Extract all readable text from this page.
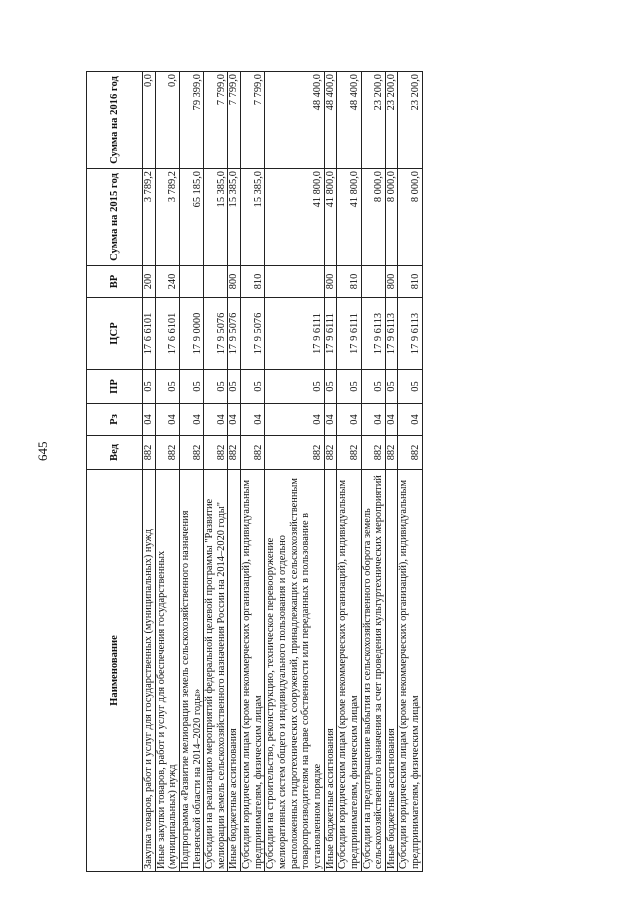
645
Наименование	Вед	Рз	ПР	ЦСР	ВР	Сумма на 2015 год	Сумма на 2016 год
Закупка товаров, работ и услуг для государственных (муниципальных) нужд	882	04	05	17 6 6101	200	3 789,2	0,0
Иные закупки товаров, работ и услуг для обеспечения государственных (муниципальных) нужд	882	04	05	17 6 6101	240	3 789,2	0,0
Подпрограмма «Развитие мелиорации земель сельскохозяйственного назначения Пензенской области на 2014–2020 годы»	882	04	05	17 9 0000		65 185,0	79 399,0
Субсидии на реализацию мероприятий федеральной целевой программы "Развитие мелиорации земель сельскохозяйственного назначения России на 2014–2020 годы"	882	04	05	17 9 5076		15 385,0	7 799,0
Иные бюджетные ассигнования	882	04	05	17 9 5076	800	15 385,0	7 799,0
Субсидии юридическим лицам (кроме некоммерческих организаций), индивидуальным предпринимателям, физическим лицам	882	04	05	17 9 5076	810	15 385,0	7 799,0
Субсидии на строительство, реконструкцию, техническое перевооружение мелиоративных систем общего и индивидуального пользования и отдельно расположенных гидротехнических сооружений, принадлежащих сельскохозяйственным товаропроизводителям на праве собственности или переданных в пользование в установленном порядке	882	04	05	17 9 6111		41 800,0	48 400,0
Иные бюджетные ассигнования	882	04	05	17 9 6111	800	41 800,0	48 400,0
Субсидии юридическим лицам (кроме некоммерческих организаций), индивидуальным предпринимателям, физическим лицам	882	04	05	17 9 6111	810	41 800,0	48 400,0
Субсидии на предотвращение выбытия из сельскохозяйственного оборота земель сельскохозяйственного назначения за счет проведения культуртехнических мероприятий	882	04	05	17 9 6113		8 000,0	23 200,0
Иные бюджетные ассигнования	882	04	05	17 9 6113	800	8 000,0	23 200,0
Субсидии юридическим лицам (кроме некоммерческих организаций), индивидуальным предпринимателям, физическим лицам	882	04	05	17 9 6113	810	8 000,0	23 200,0
